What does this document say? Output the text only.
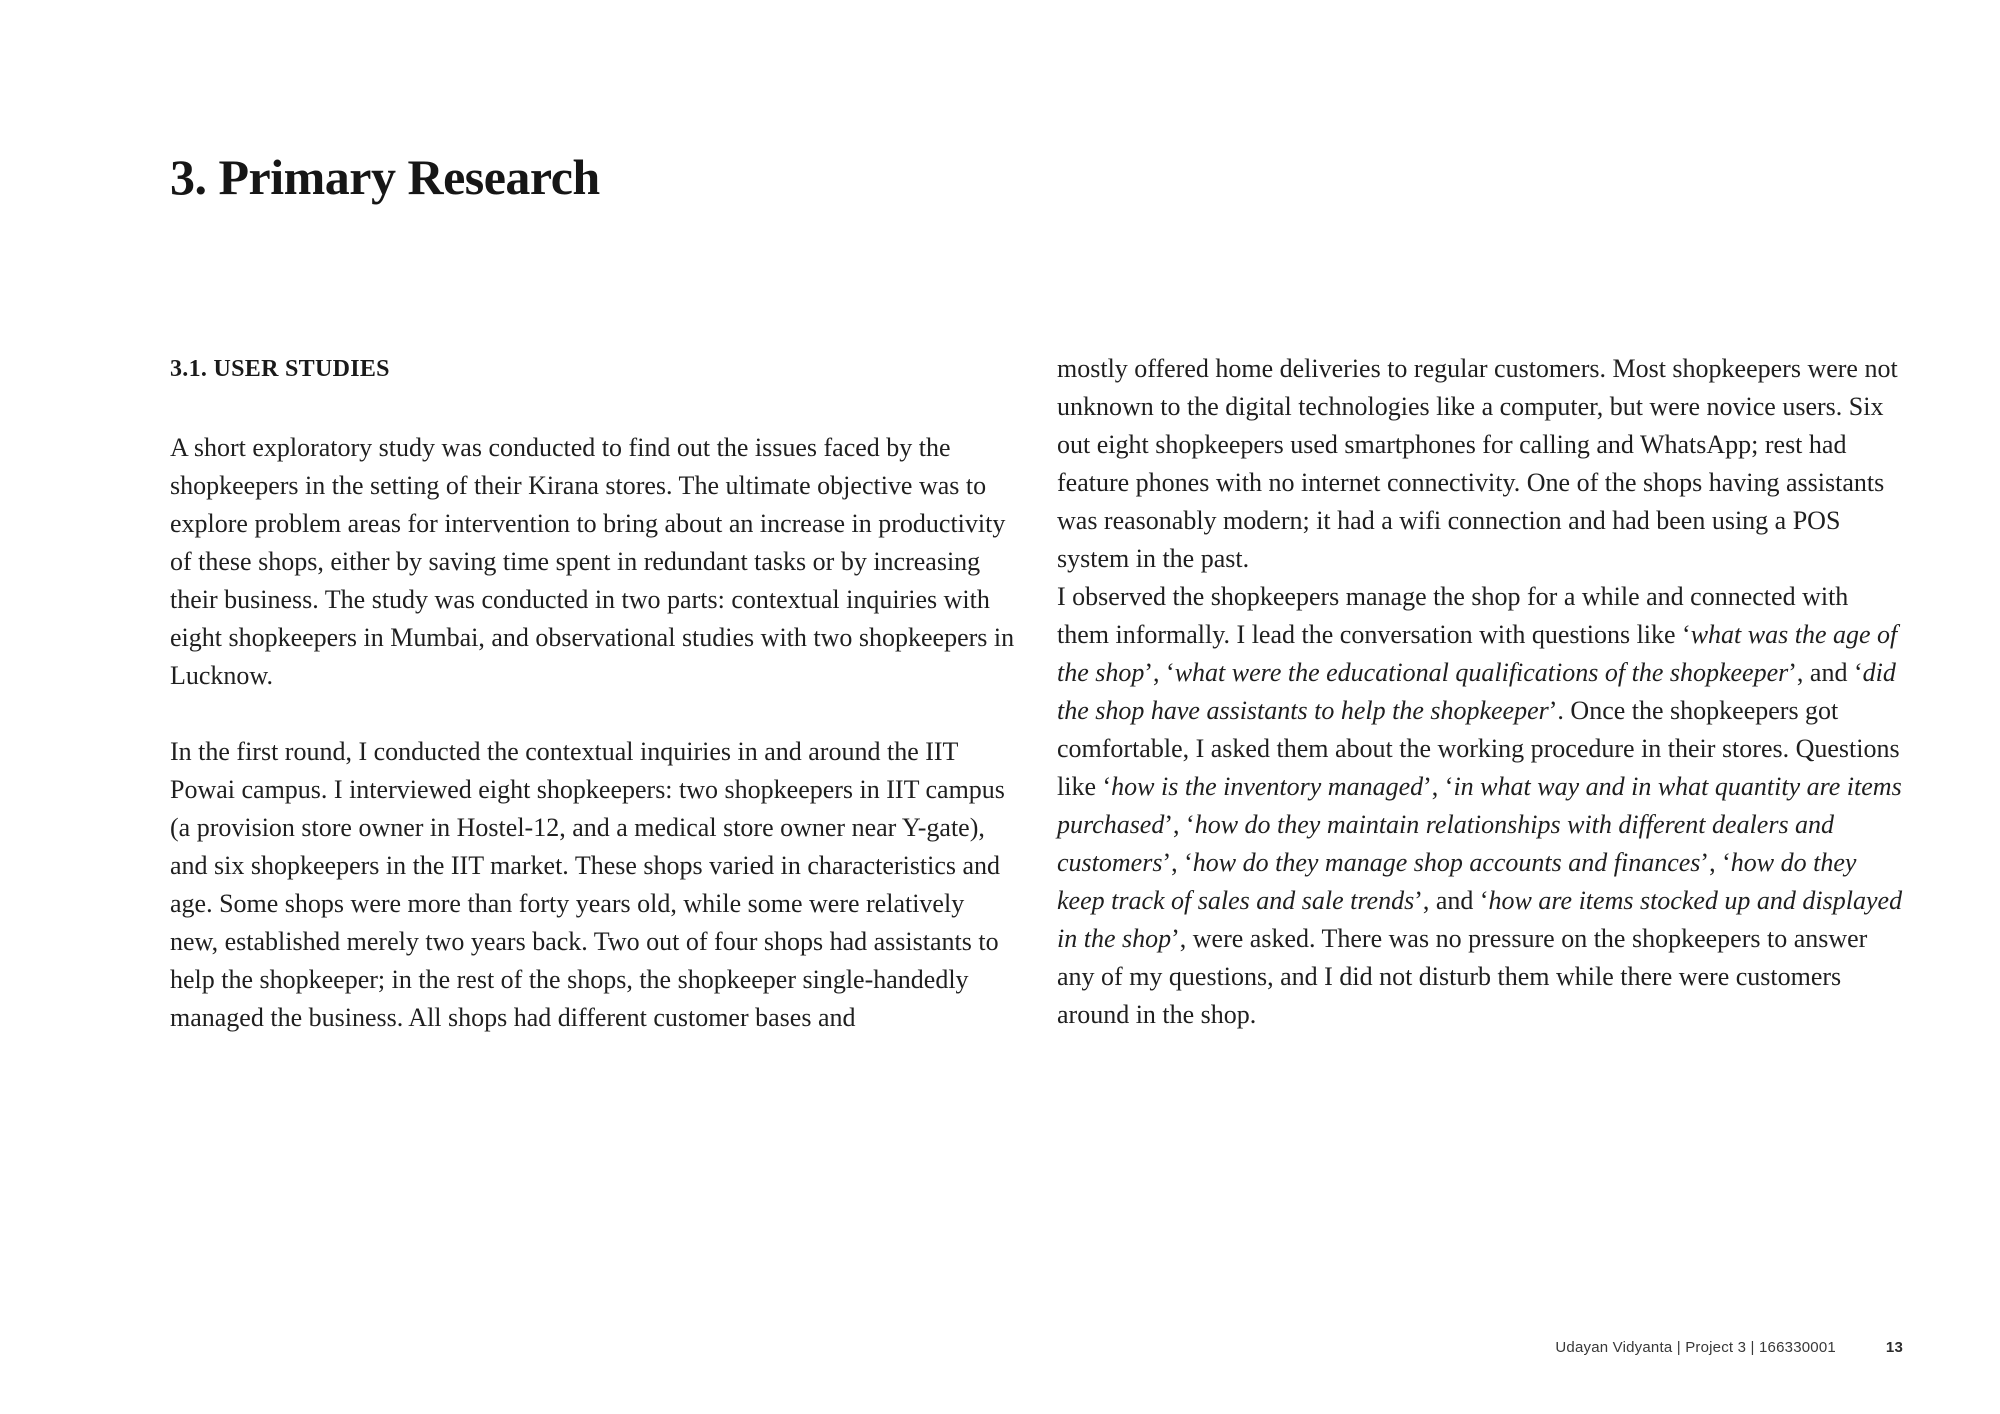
3. Primary Research
3.1. USER STUDIES

A short exploratory study was conducted to find out the issues faced by the shopkeepers in the setting of their Kirana stores. The ultimate objective was to explore problem areas for intervention to bring about an increase in productivity of these shops, either by saving time spent in redundant tasks or by increasing their business. The study was conducted in two parts: contextual inquiries with eight shopkeepers in Mumbai, and observational studies with two shopkeepers in Lucknow.

In the first round, I conducted the contextual inquiries in and around the IIT Powai campus. I interviewed eight shopkeepers: two shopkeepers in IIT campus (a provision store owner in Hostel-12, and a medical store owner near Y-gate), and six shopkeepers in the IIT market. These shops varied in characteristics and age. Some shops were more than forty years old, while some were relatively new, established merely two years back. Two out of four shops had assistants to help the shopkeeper; in the rest of the shops, the shopkeeper single-handedly managed the business. All shops had different customer bases and

mostly offered home deliveries to regular customers. Most shopkeepers were not unknown to the digital technologies like a computer, but were novice users. Six out eight shopkeepers used smartphones for calling and WhatsApp; rest had feature phones with no internet connectivity. One of the shops having assistants was reasonably modern; it had a wifi connection and had been using a POS system in the past.

I observed the shopkeepers manage the shop for a while and connected with them informally. I lead the conversation with questions like ‘what was the age of the shop’, ‘what were the educational qualifications of the shopkeeper’, and ‘did the shop have assistants to help the shopkeeper’. Once the shopkeepers got comfortable, I asked them about the working procedure in their stores. Questions like ‘how is the inventory managed’, ‘in what way and in what quantity are items purchased’, ‘how do they maintain relationships with different dealers and customers’, ‘how do they manage shop accounts and finances’, ‘how do they keep track of sales and sale trends’, and ‘how are items stocked up and displayed in the shop’, were asked. There was no pressure on the shopkeepers to answer any of my questions, and I did not disturb them while there were customers around in the shop.

Udayan Vidyanta | Project 3 | 166330001	13
